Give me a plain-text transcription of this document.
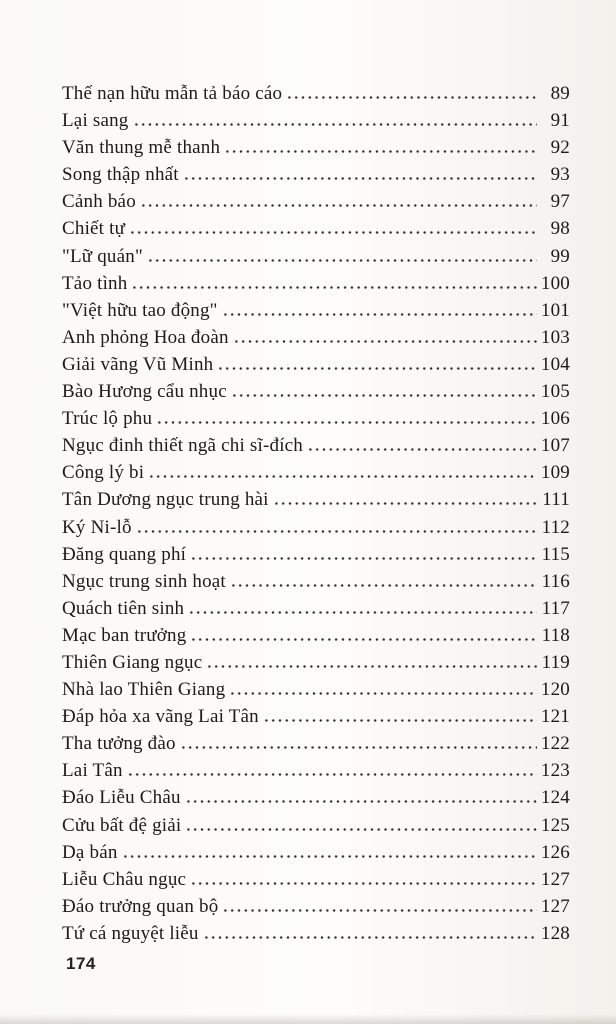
Thế nạn hữu mẫn tả báo cáo	89
Lại sang	91
Văn thung mễ thanh	92
Song thập nhất	93
Cảnh báo	97
Chiết tự	98
"Lữ quán"	99
Tảo tình	100
"Việt hữu tao động"	101
Anh phỏng Hoa đoàn	103
Giải vãng Vũ Minh	104
Bào Hương cẩu nhục	105
Trúc lộ phu	106
Ngục đinh thiết ngã chi sĩ-đích	107
Công lý bi	109
Tân Dương ngục trung hài	111
Ký Ni-lỗ	112
Đăng quang phí	115
Ngục trung sinh hoạt	116
Quách tiên sinh	117
Mạc ban trưởng	118
Thiên Giang ngục	119
Nhà lao Thiên Giang	120
Đáp hỏa xa vãng Lai Tân	121
Tha tưởng đào	122
Lai Tân	123
Đáo Liễu Châu	124
Cửu bất đệ giải	125
Dạ bán	126
Liễu Châu ngục	127
Đáo trưởng quan bộ	127
Tứ cá nguyệt liễu	128
174
